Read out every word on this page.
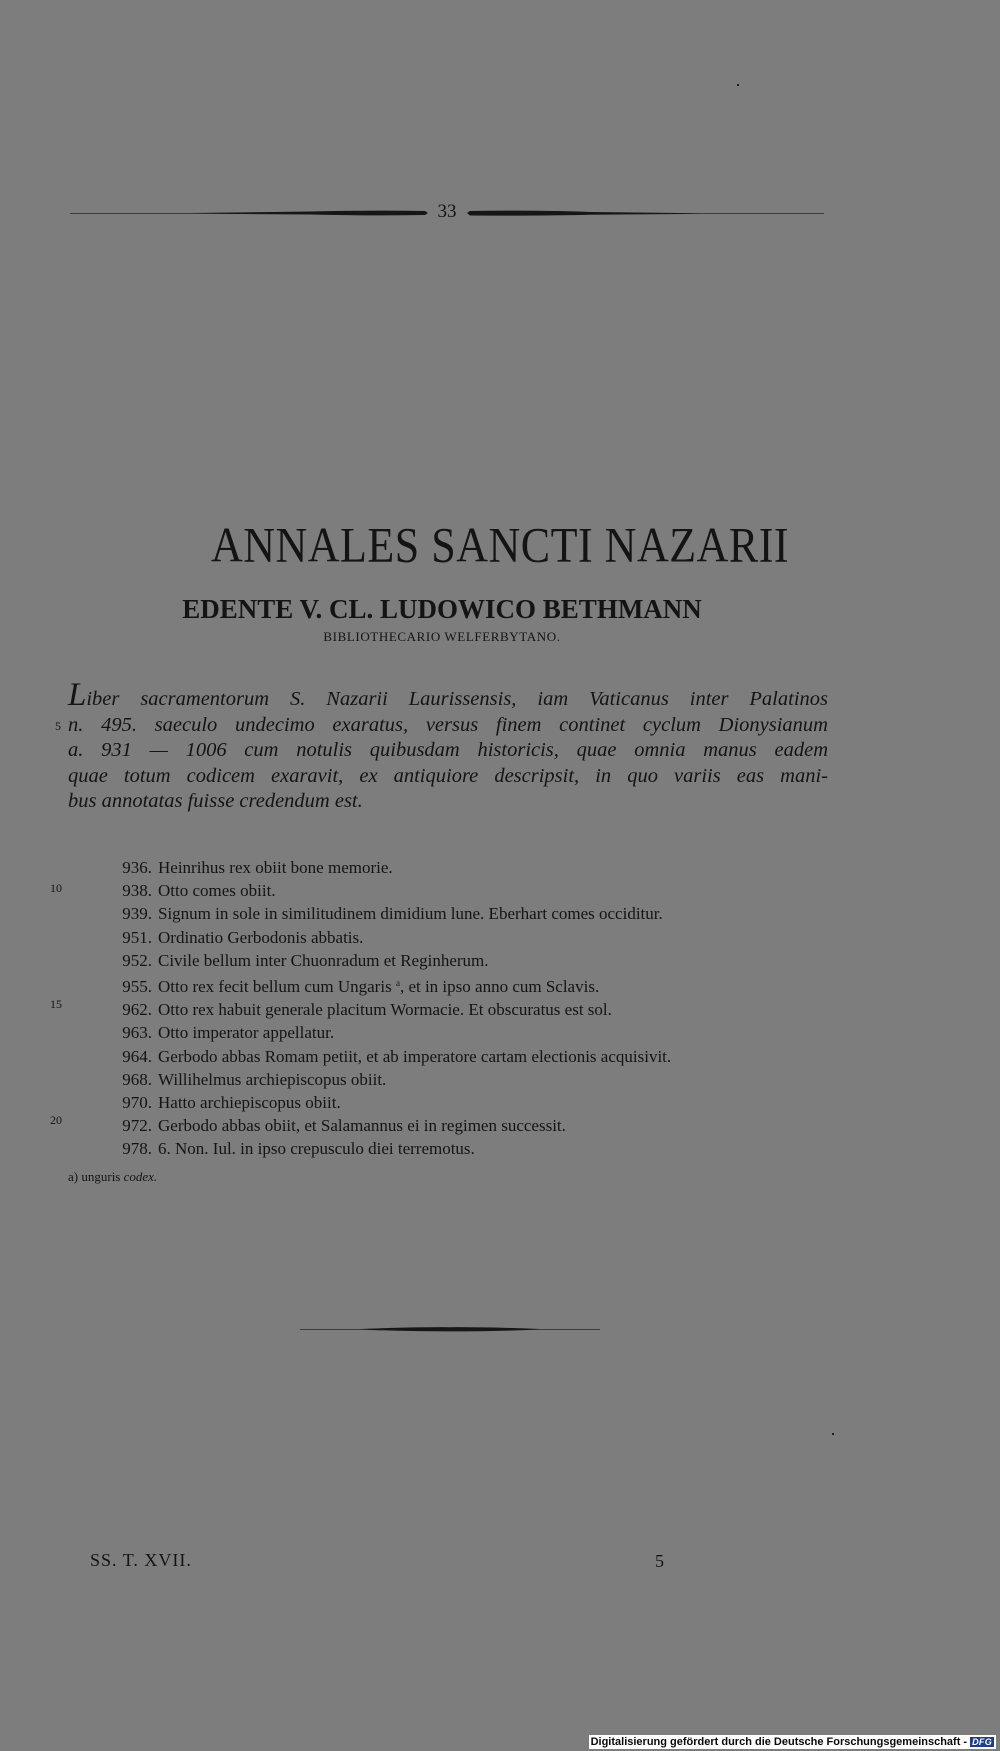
33
ANNALES SANCTI NAZARII
EDENTE V. CL. LUDOWICO BETHMANN
BIBLIOTHECARIO WELFERBYTANO.
Liber sacramentorum S. Nazarii Laurissensis, iam Vaticanus inter Palatinos
n. 495. saeculo undecimo exaratus, versus finem continet cyclum Dionysianum
a. 931 — 1006 cum notulis quibusdam historicis, quae omnia manus eadem
quae totum codicem exaravit, ex antiquiore descripsit, in quo variis eas mani-
bus annotatas fuisse credendum est.
5
10
15
20
936. Heinrihus rex obiit bone memorie.
938. Otto comes obiit.
939. Signum in sole in similitudinem dimidium lune. Eberhart comes occiditur.
951. Ordinatio Gerbodonis abbatis.
952. Civile bellum inter Chuonradum et Reginherum.
955. Otto rex fecit bellum cum Ungaris $^a$, et in ipso anno cum Sclavis.
962. Otto rex habuit generale placitum Wormacie. Et obscuratus est sol.
963. Otto imperator appellatur.
964. Gerbodo abbas Romam petiit, et ab imperatore cartam electionis acquisivit.
968. Willihelmus archiepiscopus obiit.
970. Hatto archiepiscopus obiit.
972. Gerbodo abbas obiit, et Salamannus ei in regimen successit.
978. 6. Non. Iul. in ipso crepusculo diei terremotus.
a) unguris codex.
SS. T. XVII.	5
Digitalisierung gefördert durch die Deutsche Forschungsgemeinschaft - DFG
